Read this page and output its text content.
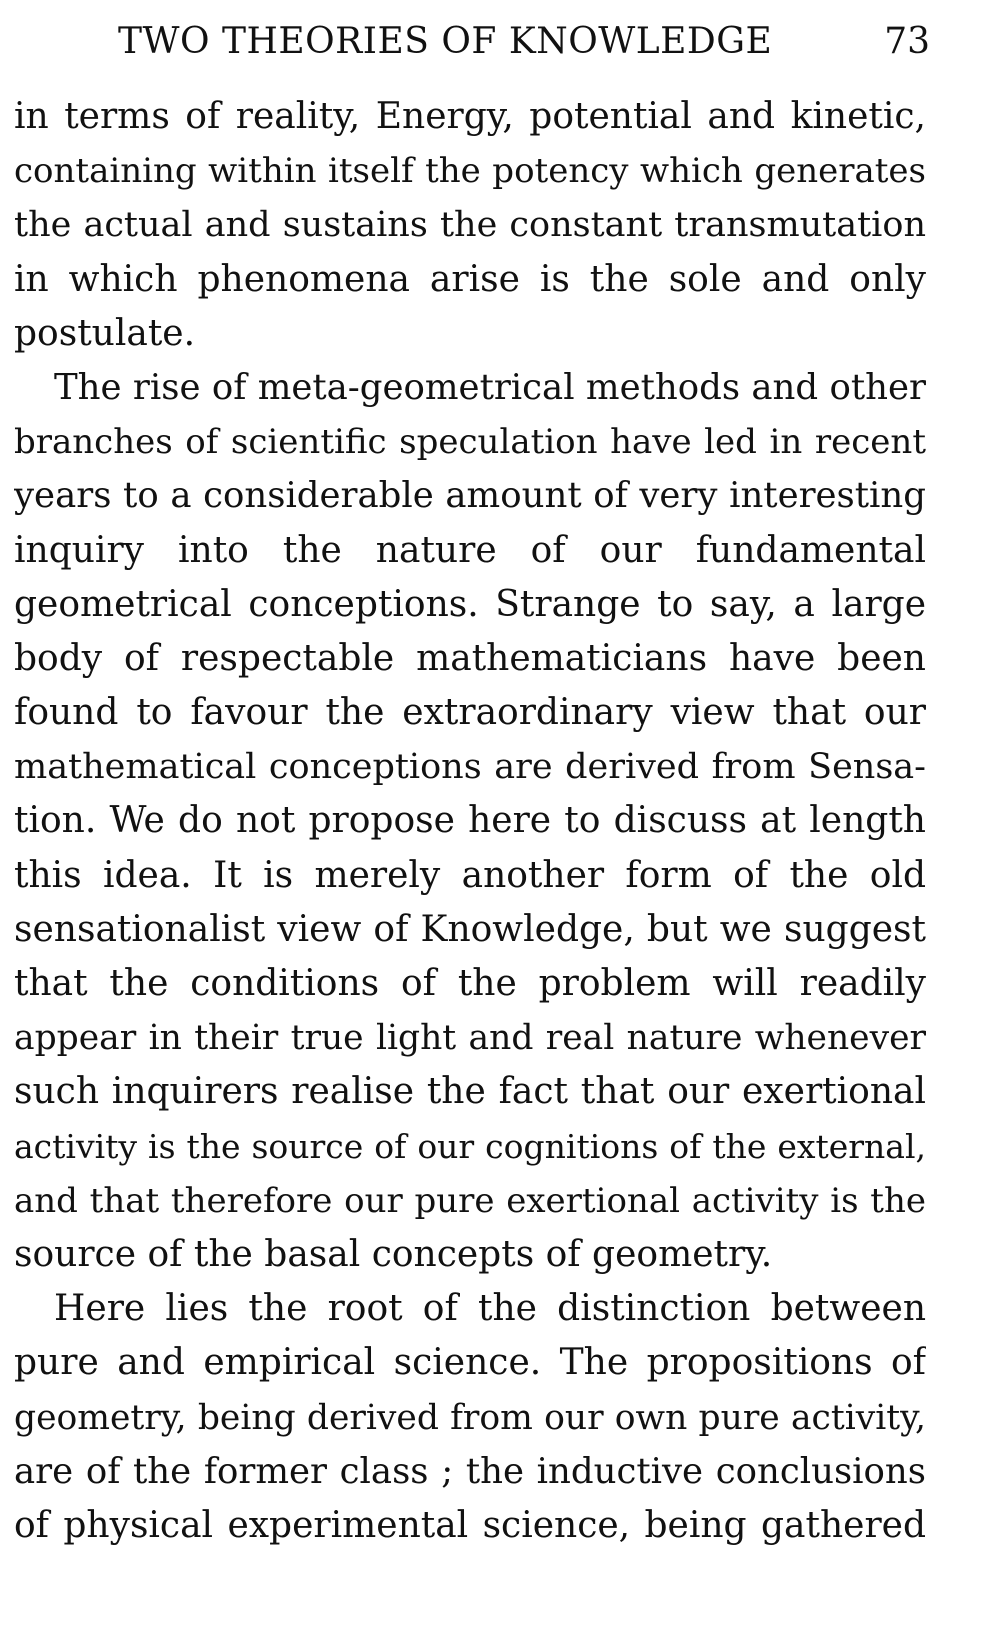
TWO THEORIES OF KNOWLEDGE	73
in terms of reality, Energy, potential and kinetic,
containing within itself the potency which generates
the actual and sustains the constant transmutation
in which phenomena arise is the sole and only
postulate.
The rise of meta-geometrical methods and other
branches of scientific speculation have led in recent
years to a considerable amount of very interesting
inquiry into the nature of our fundamental
geometrical conceptions. Strange to say, a large
body of respectable mathematicians have been
found to favour the extraordinary view that our
mathematical conceptions are derived from Sensa-
tion. We do not propose here to discuss at length
this idea. It is merely another form of the old
sensationalist view of Knowledge, but we suggest
that the conditions of the problem will readily
appear in their true light and real nature whenever
such inquirers realise the fact that our exertional
activity is the source of our cognitions of the external,
and that therefore our pure exertional activity is the
source of the basal concepts of geometry.
Here lies the root of the distinction between
pure and empirical science. The propositions of
geometry, being derived from our own pure activity,
are of the former class ; the inductive conclusions
of physical experimental science, being gathered
